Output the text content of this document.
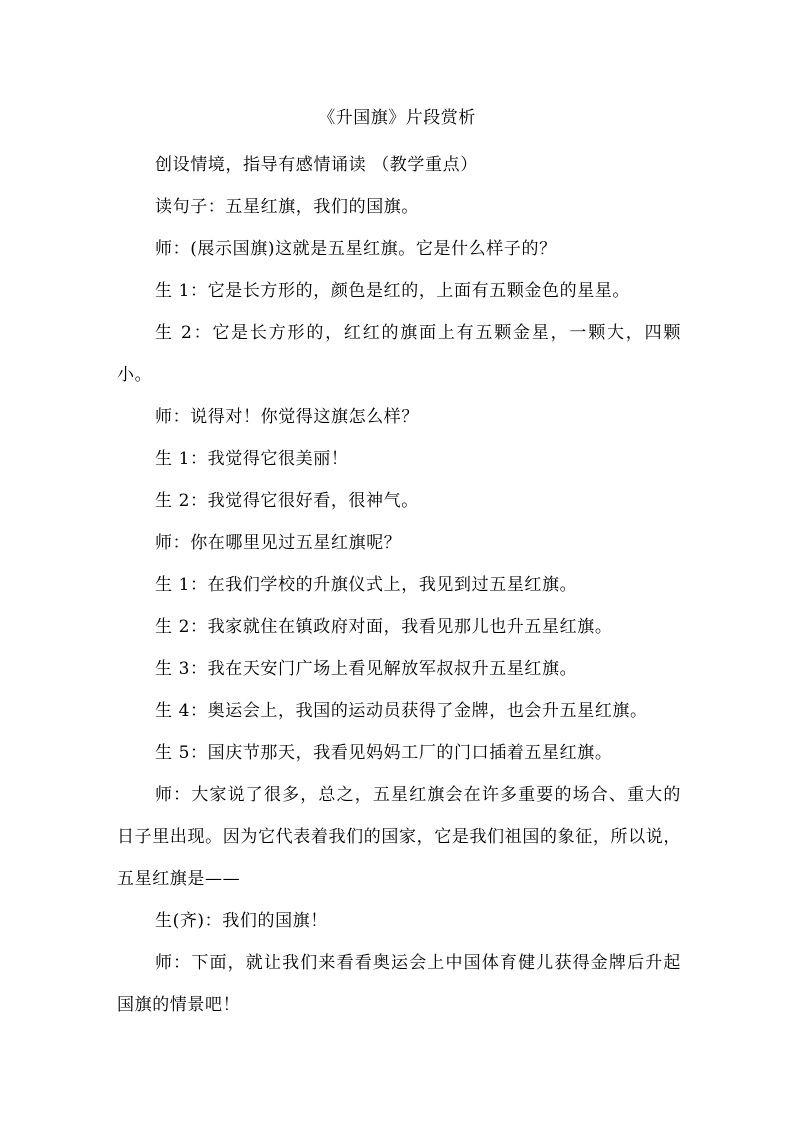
《升国旗》片段赏析

创设情境，指导有感情诵读 （教学重点）

读句子：五星红旗，我们的国旗。

师：(展示国旗)这就是五星红旗。它是什么样子的？

生 1：它是长方形的，颜色是红的，上面有五颗金色的星星。

生 2：它是长方形的，红红的旗面上有五颗金星，一颗大，四颗小。

师：说得对！你觉得这旗怎么样？

生 1：我觉得它很美丽！

生 2：我觉得它很好看，很神气。

师：你在哪里见过五星红旗呢？

生 1：在我们学校的升旗仪式上，我见到过五星红旗。

生 2：我家就住在镇政府对面，我看见那儿也升五星红旗。

生 3：我在天安门广场上看见解放军叔叔升五星红旗。

生 4：奥运会上，我国的运动员获得了金牌，也会升五星红旗。

生 5：国庆节那天，我看见妈妈工厂的门口插着五星红旗。

师：大家说了很多，总之，五星红旗会在许多重要的场合、重大的日子里出现。因为它代表着我们的国家，它是我们祖国的象征，所以说，五星红旗是——

生(齐)：我们的国旗！

师：下面，就让我们来看看奥运会上中国体育健儿获得金牌后升起国旗的情景吧！
